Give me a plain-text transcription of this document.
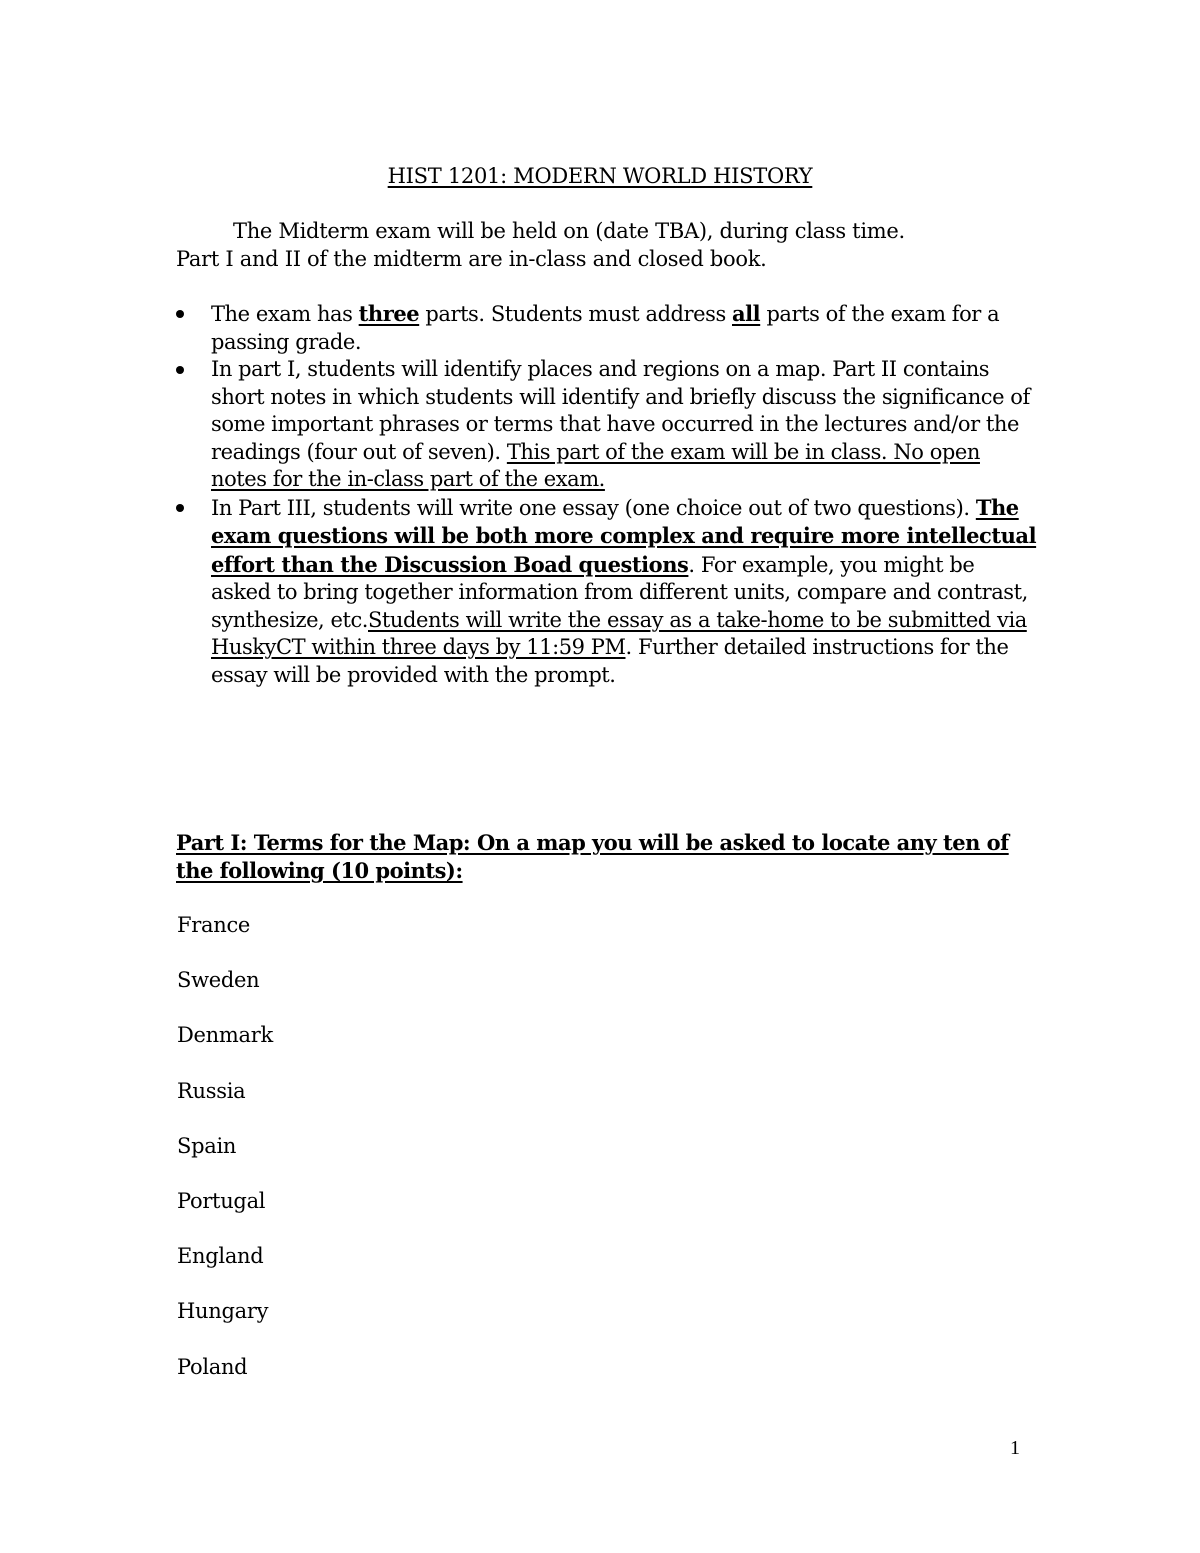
HIST 1201: MODERN WORLD HISTORY

The Midterm exam will be held on (date TBA), during class time.

Part I and II of the midterm are in-class and closed book.

The exam has three parts. Students must address all parts of the exam for a passing grade.
In part I, students will identify places and regions on a map. Part II contains short notes in which students will identify and briefly discuss the significance of some important phrases or terms that have occurred in the lectures and/or the readings (four out of seven). This part of the exam will be in class. No open notes for the in-class part of the exam.
In Part III, students will write one essay (one choice out of two questions). The exam questions will be both more complex and require more intellectual effort than the Discussion Boad questions. For example, you might be asked to bring together information from different units, compare and contrast, synthesize, etc.Students will write the essay as a take-home to be submitted via HuskyCT within three days by 11:59 PM. Further detailed instructions for the essay will be provided with the prompt.

Part I: Terms for the Map: On a map you will be asked to locate any ten of the following (10 points):

France
Sweden
Denmark
Russia
Spain
Portugal
England
Hungary
Poland
1
